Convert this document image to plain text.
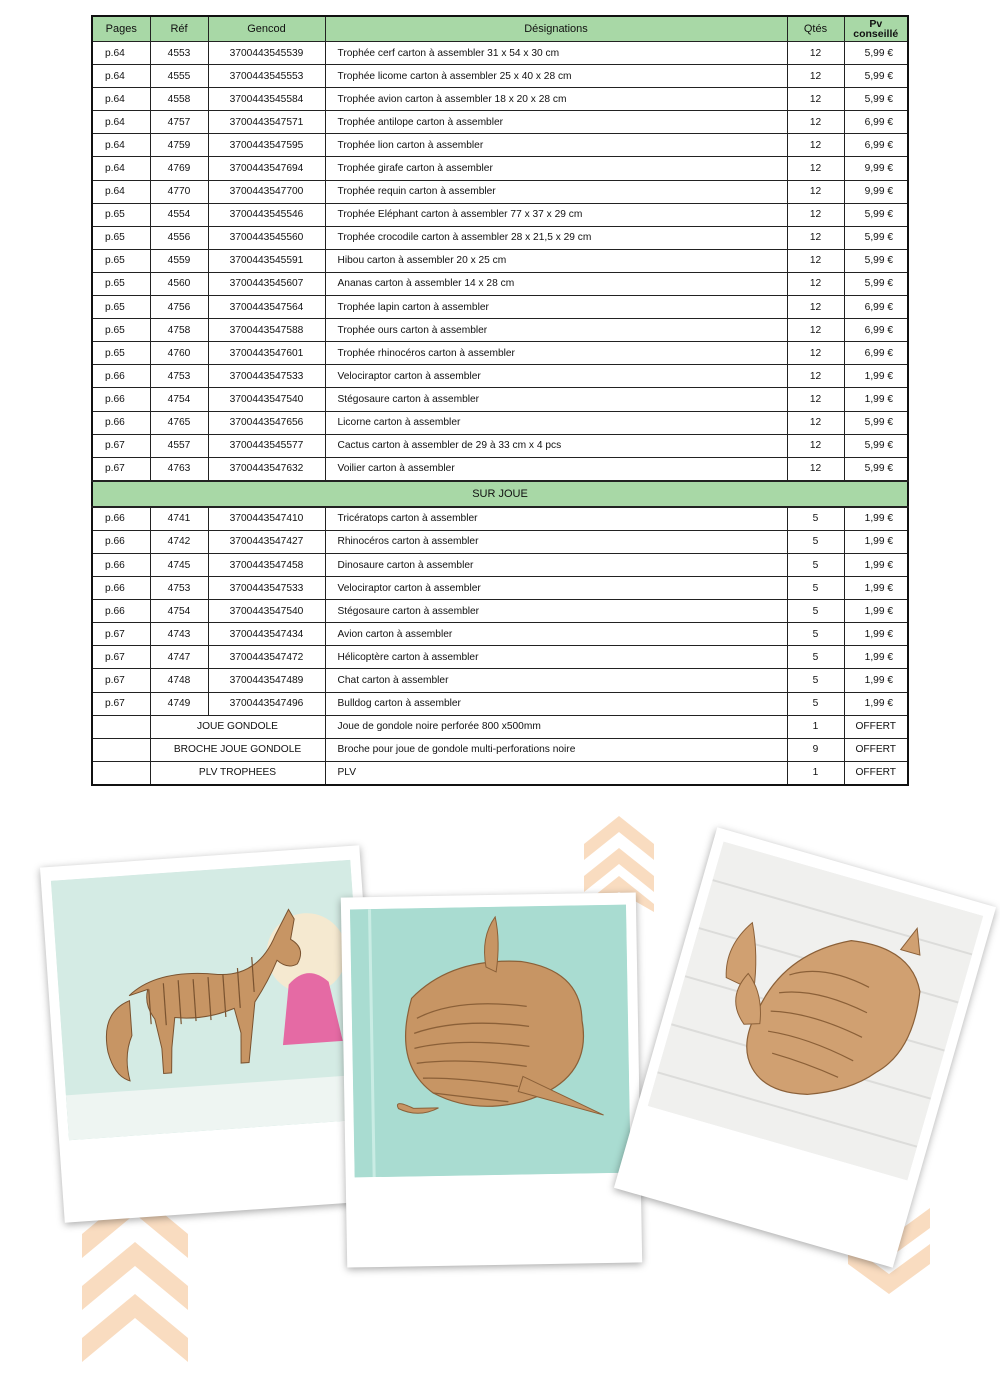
Pages	Réf	Gencod	Désignations	Qtés	Pv
conseillé
p.64	4553	3700443545539	Trophée cerf carton à assembler 31 x 54 x 30 cm	12	5,99 €
p.64	4555	3700443545553	Trophée licome carton à assembler 25 x 40 x 28 cm	12	5,99 €
p.64	4558	3700443545584	Trophée avion carton à assembler 18 x 20 x 28 cm	12	5,99 €
p.64	4757	3700443547571	Trophée antilope carton à assembler	12	6,99 €
p.64	4759	3700443547595	Trophée lion carton à assembler	12	6,99 €
p.64	4769	3700443547694	Trophée girafe carton à assembler	12	9,99 €
p.64	4770	3700443547700	Trophée requin carton à assembler	12	9,99 €
p.65	4554	3700443545546	Trophée Eléphant carton à assembler 77 x 37 x 29 cm	12	5,99 €
p.65	4556	3700443545560	Trophée crocodile carton à assembler 28 x 21,5 x 29 cm	12	5,99 €
p.65	4559	3700443545591	Hibou carton à assembler 20 x 25 cm	12	5,99 €
p.65	4560	3700443545607	Ananas carton à assembler 14 x 28 cm	12	5,99 €
p.65	4756	3700443547564	Trophée lapin carton à assembler	12	6,99 €
p.65	4758	3700443547588	Trophée ours carton à assembler	12	6,99 €
p.65	4760	3700443547601	Trophée rhinocéros carton à assembler	12	6,99 €
p.66	4753	3700443547533	Velociraptor carton à assembler	12	1,99 €
p.66	4754	3700443547540	Stégosaure carton à assembler	12	1,99 €
p.66	4765	3700443547656	Licorne carton à assembler	12	5,99 €
p.67	4557	3700443545577	Cactus carton à assembler de 29 à 33 cm x 4 pcs	12	5,99 €
p.67	4763	3700443547632	Voilier carton à assembler	12	5,99 €
SUR JOUE					
p.66	4741	3700443547410	Tricératops carton à assembler	5	1,99 €
p.66	4742	3700443547427	Rhinocéros carton à assembler	5	1,99 €
p.66	4745	3700443547458	Dinosaure carton à assembler	5	1,99 €
p.66	4753	3700443547533	Velociraptor carton à assembler	5	1,99 €
p.66	4754	3700443547540	Stégosaure carton à assembler	5	1,99 €
p.67	4743	3700443547434	Avion carton à assembler	5	1,99 €
p.67	4747	3700443547472	Hélicoptère carton à assembler	5	1,99 €
p.67	4748	3700443547489	Chat carton à assembler	5	1,99 €
p.67	4749	3700443547496	Bulldog carton à assembler	5	1,99 €
	JOUE GONDOLE		Joue de gondole noire perforée 800 x500mm	1	OFFERT
	BROCHE JOUE GONDOLE		Broche pour joue de gondole multi-perforations noire	9	OFFERT
	PLV TROPHEES		PLV	1	OFFERT
